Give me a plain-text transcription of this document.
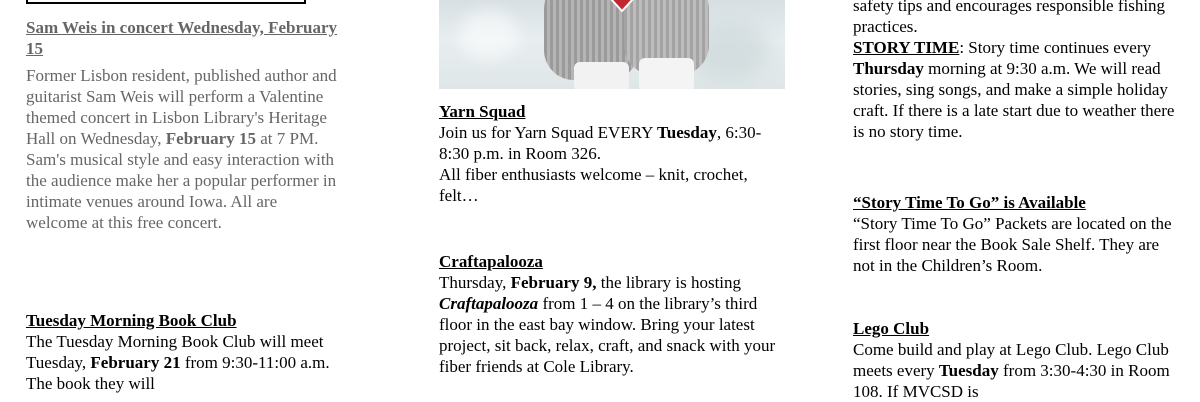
Sam Weis in concert Wednesday, February 15

Former Lisbon resident, published author and guitarist Sam Weis will perform a Valentine themed concert in Lisbon Library's Heritage Hall on Wednesday, February 15 at 7 PM. Sam's musical style and easy interaction with the audience make her a popular performer in intimate venues around Iowa. All are welcome at this free concert.

Tuesday Morning Book Club

The Tuesday Morning Book Club will meet Tuesday, February 21 from 9:30-11:00 a.m. The book they will

Yarn Squad

Join us for Yarn Squad EVERY Tuesday, 6:30-8:30 p.m. in Room 326.

All fiber enthusiasts welcome – knit, crochet, felt…

Craftapalooza

Thursday, February 9, the library is hosting Craftapalooza from 1 – 4 on the library’s third floor in the east bay window. Bring your latest project, sit back, relax, craft, and snack with your fiber friends at Cole Library.

safety tips and encourages responsible fishing practices.

STORY TIME: Story time continues every Thursday morning at 9:30 a.m. We will read stories, sing songs, and make a simple holiday craft. If there is a late start due to weather there is no story time.

“Story Time To Go” is Available

“Story Time To Go” Packets are located on the first floor near the Book Sale Shelf. They are not in the Children’s Room.

Lego Club

Come build and play at Lego Club. Lego Club meets every Tuesday from 3:30-4:30 in Room 108. If MVCSD is
